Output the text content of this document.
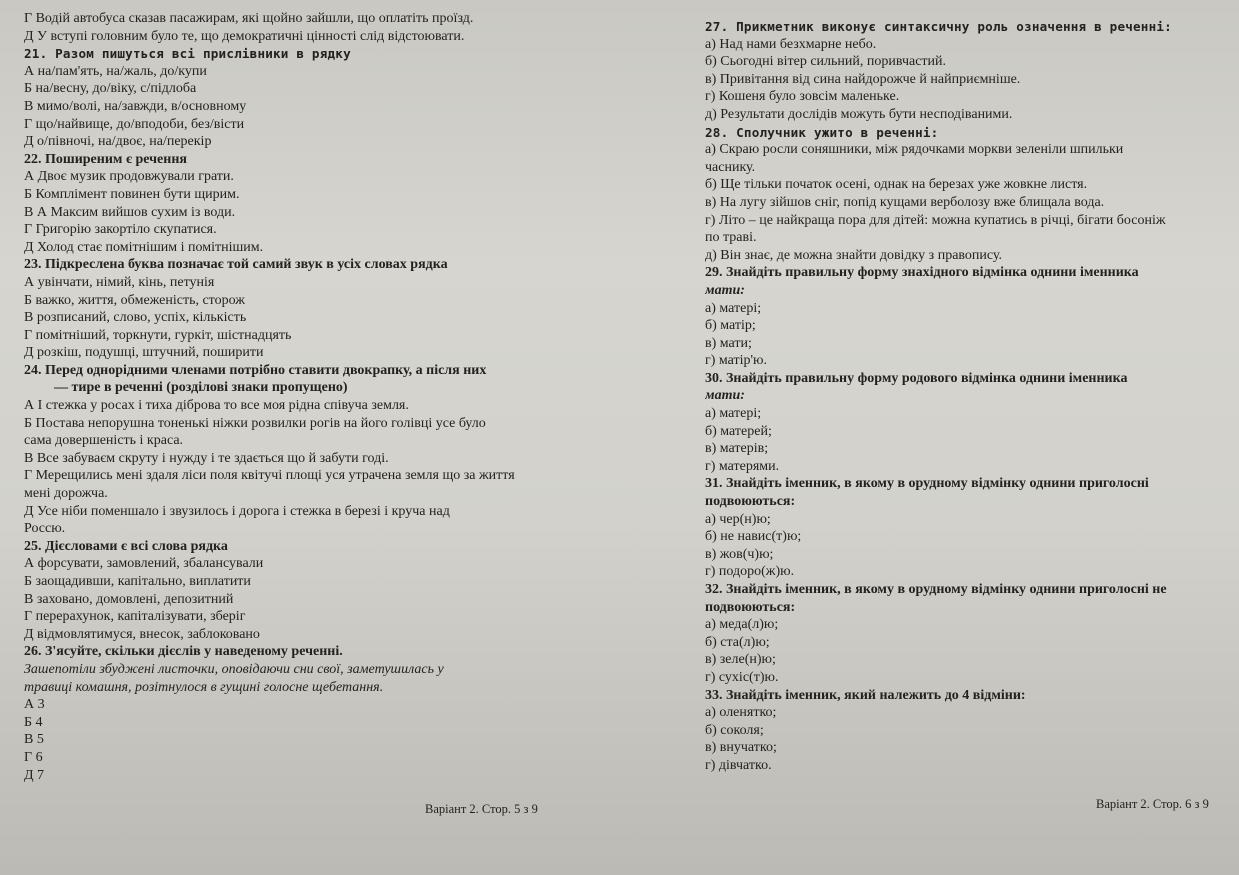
Г Водій автобуса сказав пасажирам, які щойно зайшли, що оплатіть проїзд.
Д У вступі головним було те, що демократичні цінності слід відстоювати.
21. Разом пишуться всі прислівники в рядку
А на/пам'ять, на/жаль, до/купи
Б на/весну, до/віку, с/підлоба
В мимо/волі, на/завжди, в/основному
Г що/найвище, до/вподоби, без/вісти
Д о/півночі, на/двоє, на/перекір
22. Поширеним є речення
А Двоє музик продовжували грати.
Б Комплімент повинен бути щирим.
В А Максим вийшов сухим із води.
Г Григорію закортіло скупатися.
Д Холод стає помітнішим і помітнішим.
23. Підкреслена буква позначає той самий звук в усіх словах рядка
А увінчати, німий, кінь, петунія
Б важко, життя, обмеженість, сторож
В розписаний, слово, успіх, кількість
Г помітніший, торкнути, гуркіт, шістнадцять
Д розкіш, подушці, штучний, поширити
24. Перед однорідними членами потрібно ставити двокрапку, а після них
— тире в реченні (розділові знаки пропущено)
А І стежка у росах і тиха діброва то все моя рідна співуча земля.
Б Постава непорушна тоненькі ніжки розвилки рогів на його голівці усе було
сама довершеність і краса.
В Все забуваєм скруту і нужду і те здається що й забути годі.
Г Мерещились мені здаля ліси поля квітучі площі уся утрачена земля що за життя
мені дорожча.
Д Усе ніби поменшало і звузилось і дорога і стежка в березі і круча над
Россю.
25. Дієсловами є всі слова рядка
А форсувати, замовлений, збалансували
Б заощадивши, капітально, виплатити
В заховано, домовлені, депозитний
Г перерахунок, капіталізувати, зберіг
Д відмовлятимуся, внесок, заблоковано
26. З'ясуйте, скільки дієслів у наведеному реченні.
Зашепотіли збуджені листочки, оповідаючи сни свої, заметушилась у
травиці комашня, розітнулося в гущині голосне щебетання.
А 3
Б 4
В 5
Г 6
Д 7
27. Прикметник виконує синтаксичну роль означення в реченні:
а) Над нами безхмарне небо.
б) Сьогодні вітер сильний, поривчастий.
в) Привітання від сина найдорожче й найприємніше.
г) Кошеня було зовсім маленьке.
д) Результати дослідів можуть бути несподіваними.
28. Сполучник ужито в реченні:
а) Скраю росли соняшники, між рядочками моркви зеленіли шпильки
часнику.
б) Ще тільки початок осені, однак на березах уже жовкне листя.
в) На лугу зійшов сніг, попід кущами верболозу вже блищала вода.
г) Літо – це найкраща пора для дітей: можна купатись в річці, бігати босоніж
по траві.
д) Він знає, де можна знайти довідку з правопису.
29. Знайдіть правильну форму знахідного відмінка однини іменника
мати:
а) матері;
б) матір;
в) мати;
г) матір'ю.
30. Знайдіть правильну форму родового відмінка однини іменника
мати:
а) матері;
б) матерей;
в) матерів;
г) матерями.
31. Знайдіть іменник, в якому в орудному відмінку однини приголосні
подвоюються:
а) чер(н)ю;
б) не навис(т)ю;
в) жов(ч)ю;
г) подоро(ж)ю.
32. Знайдіть іменник, в якому в орудному відмінку однини приголосні не
подвоюються:
а) меда(л)ю;
б) ста(л)ю;
в) зеле(н)ю;
г) сухіс(т)ю.
33. Знайдіть іменник, який належить до 4 відміни:
а) оленятко;
б) соколя;
в) внучатко;
г) дівчатко.
Варіант 2. Стор. 5 з 9	Варіант 2. Стор. 6 з 9
